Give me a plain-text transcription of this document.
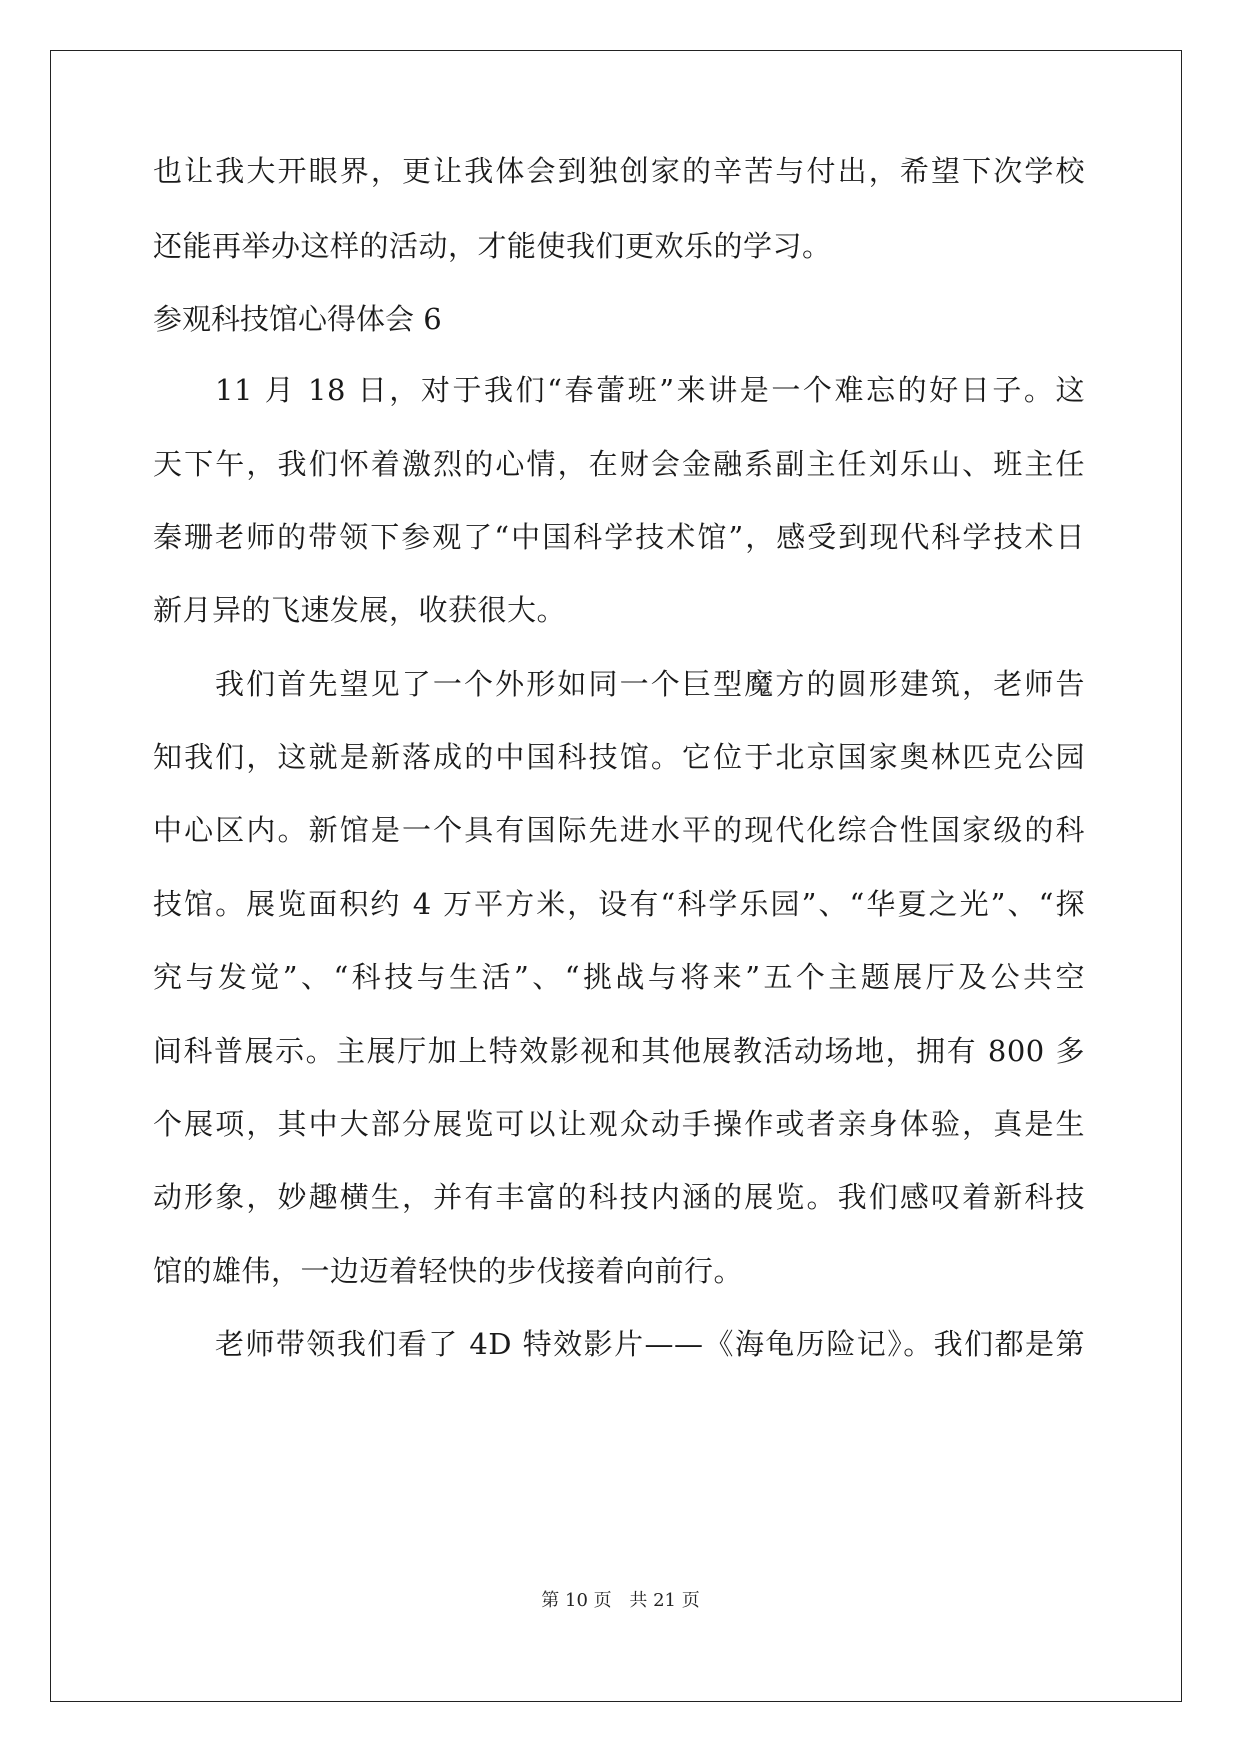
也让我大开眼界，更让我体会到独创家的辛苦与付出，希望下次学校
还能再举办这样的活动，才能使我们更欢乐的学习。
参观科技馆心得体会 6
11 月 18 日，对于我们“春蕾班”来讲是一个难忘的好日子。这
天下午，我们怀着激烈的心情，在财会金融系副主任刘乐山、班主任
秦珊老师的带领下参观了“中国科学技术馆”，感受到现代科学技术日
新月异的飞速发展，收获很大。
我们首先望见了一个外形如同一个巨型魔方的圆形建筑，老师告
知我们，这就是新落成的中国科技馆。它位于北京国家奥林匹克公园
中心区内。新馆是一个具有国际先进水平的现代化综合性国家级的科
技馆。展览面积约 4 万平方米，设有“科学乐园”、“华夏之光”、“探
究与发觉”、“科技与生活”、“挑战与将来”五个主题展厅及公共空
间科普展示。主展厅加上特效影视和其他展教活动场地，拥有 800 多
个展项，其中大部分展览可以让观众动手操作或者亲身体验，真是生
动形象，妙趣横生，并有丰富的科技内涵的展览。我们感叹着新科技
馆的雄伟，一边迈着轻快的步伐接着向前行。
老师带领我们看了 4D 特效影片——《海龟历险记》。我们都是第
第 10 页 共 21 页
